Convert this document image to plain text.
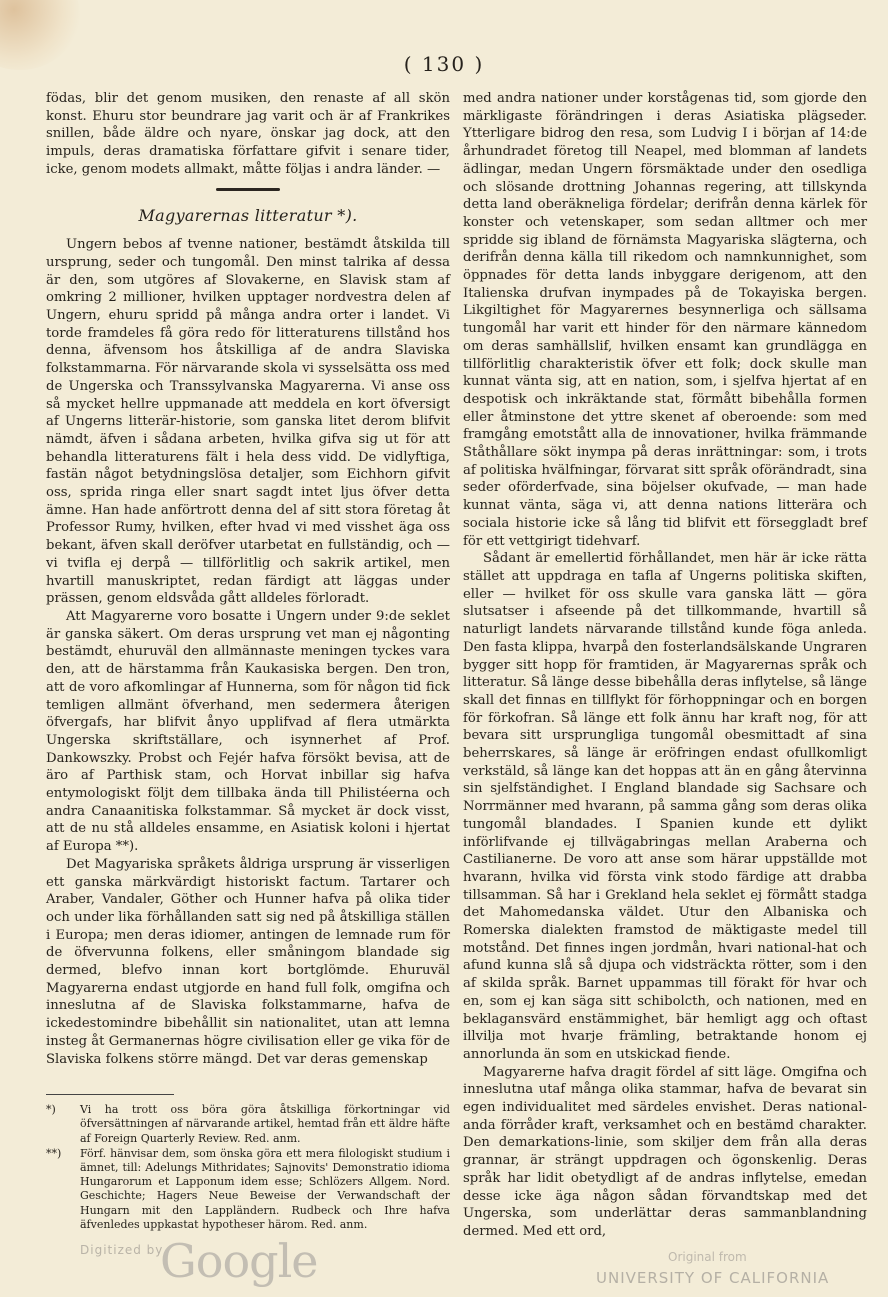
( 130 )

födas, blir det genom musiken, den renaste af all skön konst. Ehuru stor beundrare jag varit och är af Frankrikes snillen, både äldre och nyare, önskar jag dock, att den impuls, deras dramatiska författare gifvit i senare tider, icke, genom modets allmakt, måtte följas i andra länder. —

Magyarernas litteratur *).

Ungern bebos af tvenne nationer, bestämdt åtskilda till ursprung, seder och tungomål. Den minst talrika af dessa är den, som utgöres af Slovakerne, en Slavisk stam af omkring 2 millioner, hvilken upptager nordvestra delen af Ungern, ehuru spridd på många andra orter i landet. Vi torde framdeles få göra redo för litteraturens tillstånd hos denna, äfvensom hos åtskilliga af de andra Slaviska folkstammarna. För närvarande skola vi sysselsätta oss med de Ungerska och Transsylvanska Magyarerna. Vi anse oss så mycket hellre uppmanade att meddela en kort öfversigt af Ungerns litterär-historie, som ganska litet derom blifvit nämdt, äfven i sådana arbeten, hvilka gifva sig ut för att behandla litteraturens fält i hela dess vidd. De vidlyftiga, fastän något betydningslösa detaljer, som Eichhorn gifvit oss, sprida ringa eller snart sagdt intet ljus öfver detta ämne. Han hade anförtrott denna del af sitt stora företag åt Professor Rumy, hvilken, efter hvad vi med visshet äga oss bekant, äfven skall deröfver utarbetat en fullständig, och — vi tvifla ej derpå — tillförlitlig och sakrik artikel, men hvartill manuskriptet, redan färdigt att läggas under prässen, genom eldsvåda gått alldeles förloradt.

Att Magyarerne voro bosatte i Ungern under 9:de seklet är ganska säkert. Om deras ursprung vet man ej någonting bestämdt, ehuruväl den allmännaste meningen tyckes vara den, att de härstamma från Kaukasiska bergen. Den tron, att de voro afkomlingar af Hunnerna, som för någon tid fick temligen allmänt öfverhand, men sedermera återigen öfvergafs, har blifvit ånyo upplifvad af flera utmärkta Ungerska skriftställare, och isynnerhet af Prof. Dankowszky. Probst och Fejér hafva försökt bevisa, att de äro af Parthisk stam, och Horvat inbillar sig hafva entymologiskt följt dem tillbaka ända till Philistéerna och andra Canaanitiska folkstammar. Så mycket är dock visst, att de nu stå alldeles ensamme, en Asiatisk koloni i hjertat af Europa **).

Det Magyariska språkets åldriga ursprung är visserligen ett ganska märkvärdigt historiskt factum. Tartarer och Araber, Vandaler, Göther och Hunner hafva på olika tider och under lika förhållanden satt sig ned på åtskilliga ställen i Europa; men deras idiomer, antingen de lemnade rum för de öfvervunna folkens, eller småningom blandade sig dermed, blefvo innan kort bortglömde. Ehuruväl Magyarerna endast utgjorde en hand full folk, omgifna och inneslutna af de Slaviska folkstammarne, hafva de ickedestomindre bibehållit sin nationalitet, utan att lemna insteg åt Germanernas högre civilisation eller ge vika för de Slaviska folkens större mängd. Det var deras gemenskap

*) Vi ha trott oss böra göra åtskilliga förkortningar vid öfversättningen af närvarande artikel, hemtad från ett äldre häfte af Foreign Quarterly Review. Red. anm.
**) Förf. hänvisar dem, som önska göra ett mera filologiskt studium i ämnet, till: Adelungs Mithridates; Sajnovits' Demonstratio idioma Hungarorum et Lapponum idem esse; Schlözers Allgem. Nord. Geschichte; Hagers Neue Beweise der Verwandschaft der Hungarn mit den Lappländern. Rudbeck och Ihre hafva äfvenledes uppkastat hypotheser härom. Red. anm.

med andra nationer under korstågenas tid, som gjorde den märkligaste förändringen i deras Asiatiska plägseder. Ytterligare bidrog den resa, som Ludvig I i början af 14:de århundradet företog till Neapel, med blomman af landets ädlingar, medan Ungern försmäktade under den osedliga och slösande drottning Johannas regering, att tillskynda detta land oberäkneliga fördelar; derifrån denna kärlek för konster och vetenskaper, som sedan alltmer och mer spridde sig ibland de förnämsta Magyariska slägterna, och derifrån denna källa till rikedom och namnkunnighet, som öppnades för detta lands inbyggare derigenom, att den Italienska drufvan inympades på de Tokayiska bergen. Likgiltighet för Magyarernes besynnerliga och sällsama tungomål har varit ett hinder för den närmare kännedom om deras samhällslif, hvilken ensamt kan grundlägga en tillförlitlig charakteristik öfver ett folk; dock skulle man kunnat vänta sig, att en nation, som, i sjelfva hjertat af en despotisk och inkräktande stat, förmått bibehålla formen eller åtminstone det yttre skenet af oberoende: som med framgång emotstått alla de innovationer, hvilka främmande Ståthållare sökt inympa på deras inrättningar: som, i trots af politiska hvälfningar, förvarat sitt språk oförändradt, sina seder oförderfvade, sina böjelser okufvade, — man hade kunnat vänta, säga vi, att denna nations litterära och sociala historie icke så lång tid blifvit ett förseggladt bref för ett vettgirigt tidehvarf.

Sådant är emellertid förhållandet, men här är icke rätta stället att uppdraga en tafla af Ungerns politiska skiften, eller — hvilket för oss skulle vara ganska lätt — göra slutsatser i afseende på det tillkommande, hvartill så naturligt landets närvarande tillstånd kunde föga anleda. Den fasta klippa, hvarpå den fosterlandsälskande Ungraren bygger sitt hopp för framtiden, är Magyarernas språk och litteratur. Så länge desse bibehålla deras inflytelse, så länge skall det finnas en tillflykt för förhoppningar och en borgen för förkofran. Så länge ett folk ännu har kraft nog, för att bevara sitt ursprungliga tungomål obesmittadt af sina beherrskares, så länge är eröfringen endast ofullkomligt verkstäld, så länge kan det hoppas att än en gång återvinna sin sjelfständighet. I England blandade sig Sachsare och Norrmänner med hvarann, på samma gång som deras olika tungomål blandades. I Spanien kunde ett dylikt införlifvande ej tillvägabringas mellan Araberna och Castilianerne. De voro att anse som härar uppställde mot hvarann, hvilka vid första vink stodo färdige att drabba tillsamman. Så har i Grekland hela seklet ej förmått stadga det Mahomedanska väldet. Utur den Albaniska och Romerska dialekten framstod de mäktigaste medel till motstånd. Det finnes ingen jordmån, hvari national-hat och afund kunna slå så djupa och vidsträckta rötter, som i den af skilda språk. Barnet uppammas till förakt för hvar och en, som ej kan säga sitt schibolcth, och nationen, med en beklagansvärd enstämmighet, bär hemligt agg och oftast illvilja mot hvarje främling, betraktande honom ej annorlunda än som en utskickad fiende.

Magyarerne hafva dragit fördel af sitt läge. Omgifna och inneslutna utaf många olika stammar, hafva de bevarat sin egen individualitet med särdeles envishet. Deras national-anda förråder kraft, verksamhet och en bestämd charakter. Den demarkations-linie, som skiljer dem från alla deras grannar, är strängt uppdragen och ögonskenlig. Deras språk har lidit obetydligt af de andras inflytelse, emedan desse icke äga någon sådan förvandtskap med det Ungerska, som underlättar deras sammanblandning dermed. Med ett ord,

Digitized by
Google	Original from
UNIVERSITY OF CALIFORNIA
